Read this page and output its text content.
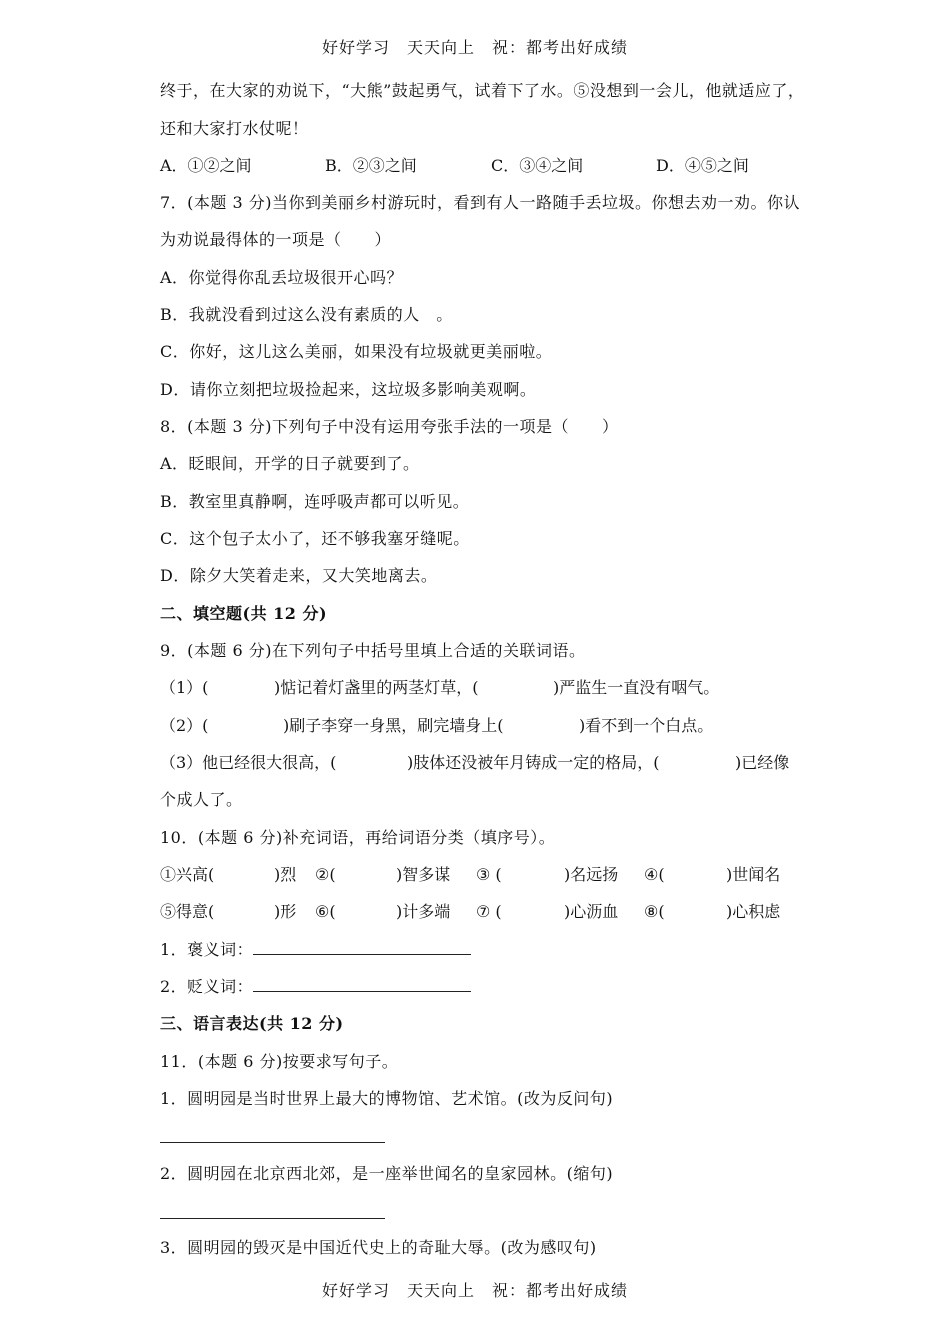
好好学习　天天向上　祝：都考出好成绩
终于，在大家的劝说下，“大熊”鼓起勇气，试着下了水。⑤没想到一会儿，他就适应了，
还和大家打水仗呢！
A．①②之间	B．②③之间	C．③④之间	D．④⑤之间
7．(本题 3 分)当你到美丽乡村游玩时，看到有人一路随手丢垃圾。你想去劝一劝。你认
为劝说最得体的一项是（　　）
A．你觉得你乱丢垃圾很开心吗？
B．我就没看到过这么没有素质的人　。
C．你好，这儿这么美丽，如果没有垃圾就更美丽啦。
D．请你立刻把垃圾捡起来，这垃圾多影响美观啊。
8．(本题 3 分)下列句子中没有运用夸张手法的一项是（　　）
A．眨眼间，开学的日子就要到了。
B．教室里真静啊，连呼吸声都可以听见。
C．这个包子太小了，还不够我塞牙缝呢。
D．除夕大笑着走来，又大笑地离去。
二、填空题(共 12 分)
9．(本题 6 分)在下列句子中括号里填上合适的关联词语。
（1）(	)惦记着灯盏里的两茎灯草，(	)严监生一直没有咽气。
（2）(	)刷子李穿一身黑，刷完墙身上(	)看不到一个白点。
（3）他已经很大很高，(	)肢体还没被年月铸成一定的格局，(	)已经像
个成人了。
10．(本题 6 分)补充词语，再给词语分类（填序号）。
①兴高(	)烈 ②(	)智多谋 ③ (	)名远扬 ④(	)世闻名
⑤得意(	)形 ⑥(	)计多端 ⑦ (	)心沥血 ⑧(	)心积虑
1．褒义词：
2．贬义词：
三、语言表达(共 12 分)
11．(本题 6 分)按要求写句子。
1．圆明园是当时世界上最大的博物馆、艺术馆。(改为反问句)
2．圆明园在北京西北郊，是一座举世闻名的皇家园林。(缩句)
3．圆明园的毁灭是中国近代史上的奇耻大辱。(改为感叹句)
好好学习　天天向上　祝：都考出好成绩
